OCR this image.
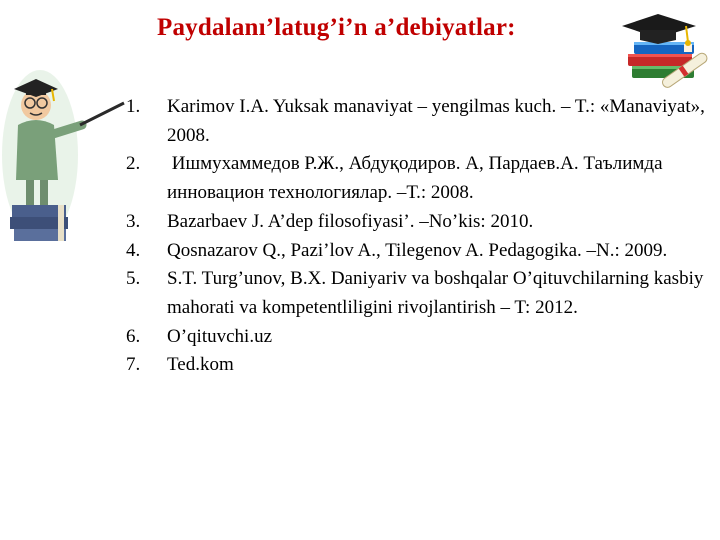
Paydalanı’latug’i’n a’debiyatlar:
1.	Karimov I.A. Yuksak manaviyat – yengilmas kuch. – T.: «Manaviyat», 2008.
2.	Ишмухаммедов Р.Ж., Абдуқодиров. А, Пардаев.А. Таълимда инновацион технологиялар. –Т.: 2008.
3.	Bazarbaev J. A’dep filosofiyasi’. –No’kis: 2010.
4.	Qosnazarov Q., Pazi’lov A., Tilegenov A. Pedagogika. –N.: 2009.
5.	S.T. Turg’unov, B.X. Daniyariv va boshqalar O’qituvchilarning kasbiy mahorati va kompetentliligini rivojlantirish – T: 2012.
6.	O’qituvchi.uz
7.	Ted.kom
